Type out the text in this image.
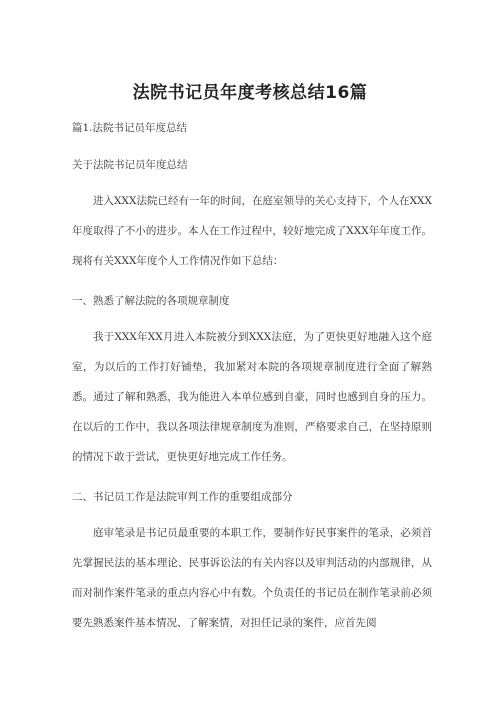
法院书记员年度考核总结16篇

篇1.法院书记员年度总结

关于法院书记员年度总结

进入XXX法院已经有一年的时间，在庭室领导的关心支持下，个人在XXX年度取得了不小的进步。本人在工作过程中，较好地完成了XXX年年度工作。现将有关XXX年度个人工作情况作如下总结：

一、熟悉了解法院的各项规章制度

我于XXX年XX月进入本院被分到XXX法庭，为了更快更好地融入这个庭室，为以后的工作打好铺垫，我加紧对本院的各项规章制度进行全面了解熟悉。通过了解和熟悉，我为能进入本单位感到自豪，同时也感到自身的压力。在以后的工作中，我以各项法律规章制度为准则，严格要求自己，在坚持原则的情况下敢于尝试，更快更好地完成工作任务。

二、书记员工作是法院审判工作的重要组成部分

庭审笔录是书记员最重要的本职工作，要制作好民事案件的笔录，必须首先掌握民法的基本理论、民事诉讼法的有关内容以及审判活动的内部规律，从而对制作案件笔录的重点内容心中有数。个负责任的书记员在制作笔录前必须要先熟悉案件基本情况、了解案情，对担任记录的案件，应首先阅
